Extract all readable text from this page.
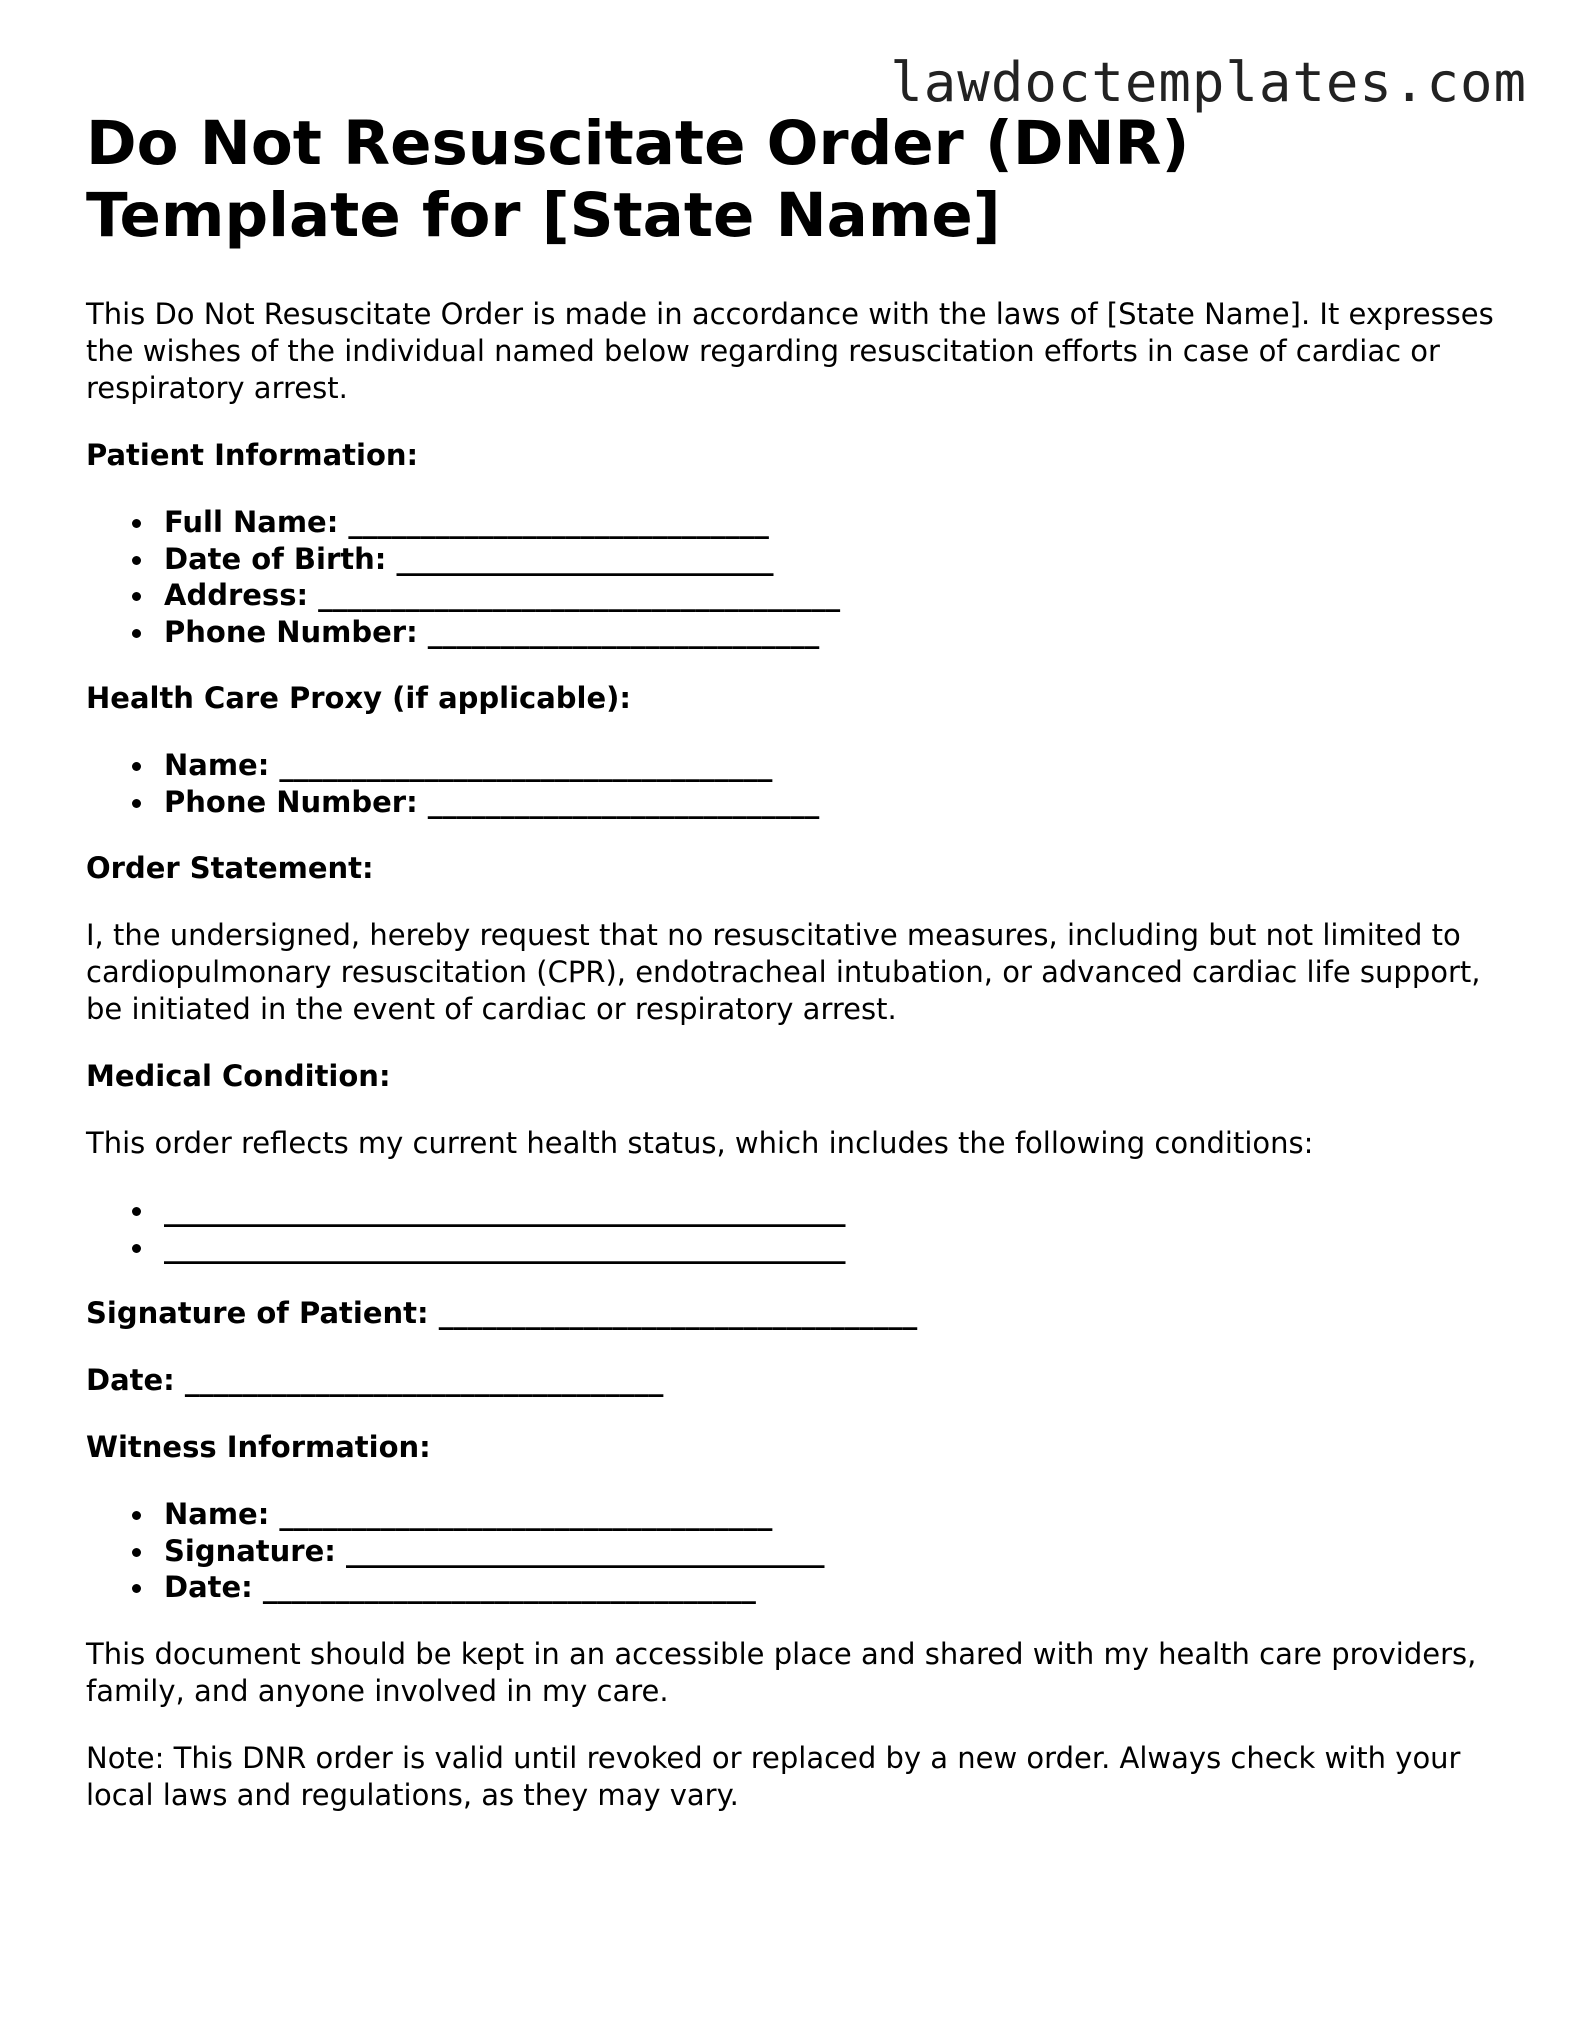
lawdoctemplates.com
Do Not Resuscitate Order (DNR)
Template for [State Name]

This Do Not Resuscitate Order is made in accordance with the laws of [State Name]. It expresses the wishes of the individual named below regarding resuscitation efforts in case of cardiac or respiratory arrest.

Patient Information:
Full Name: _____________________________
Date of Birth: __________________________
Address: ____________________________________
Phone Number: ___________________________
Health Care Proxy (if applicable):
Name: __________________________________
Phone Number: ___________________________
Order Statement:

I, the undersigned, hereby request that no resuscitative measures, including but not limited to cardiopulmonary resuscitation (CPR), endotracheal intubation, or advanced cardiac life support, be initiated in the event of cardiac or respiratory arrest.

Medical Condition:

This order reflects my current health status, which includes the following conditions:

_______________________________________________
_______________________________________________
Signature of Patient: _________________________________
Date: _________________________________
Witness Information:
Name: __________________________________
Signature: _________________________________
Date: __________________________________

This document should be kept in an accessible place and shared with my health care providers, family, and anyone involved in my care.

Note: This DNR order is valid until revoked or replaced by a new order. Always check with your local laws and regulations, as they may vary.
